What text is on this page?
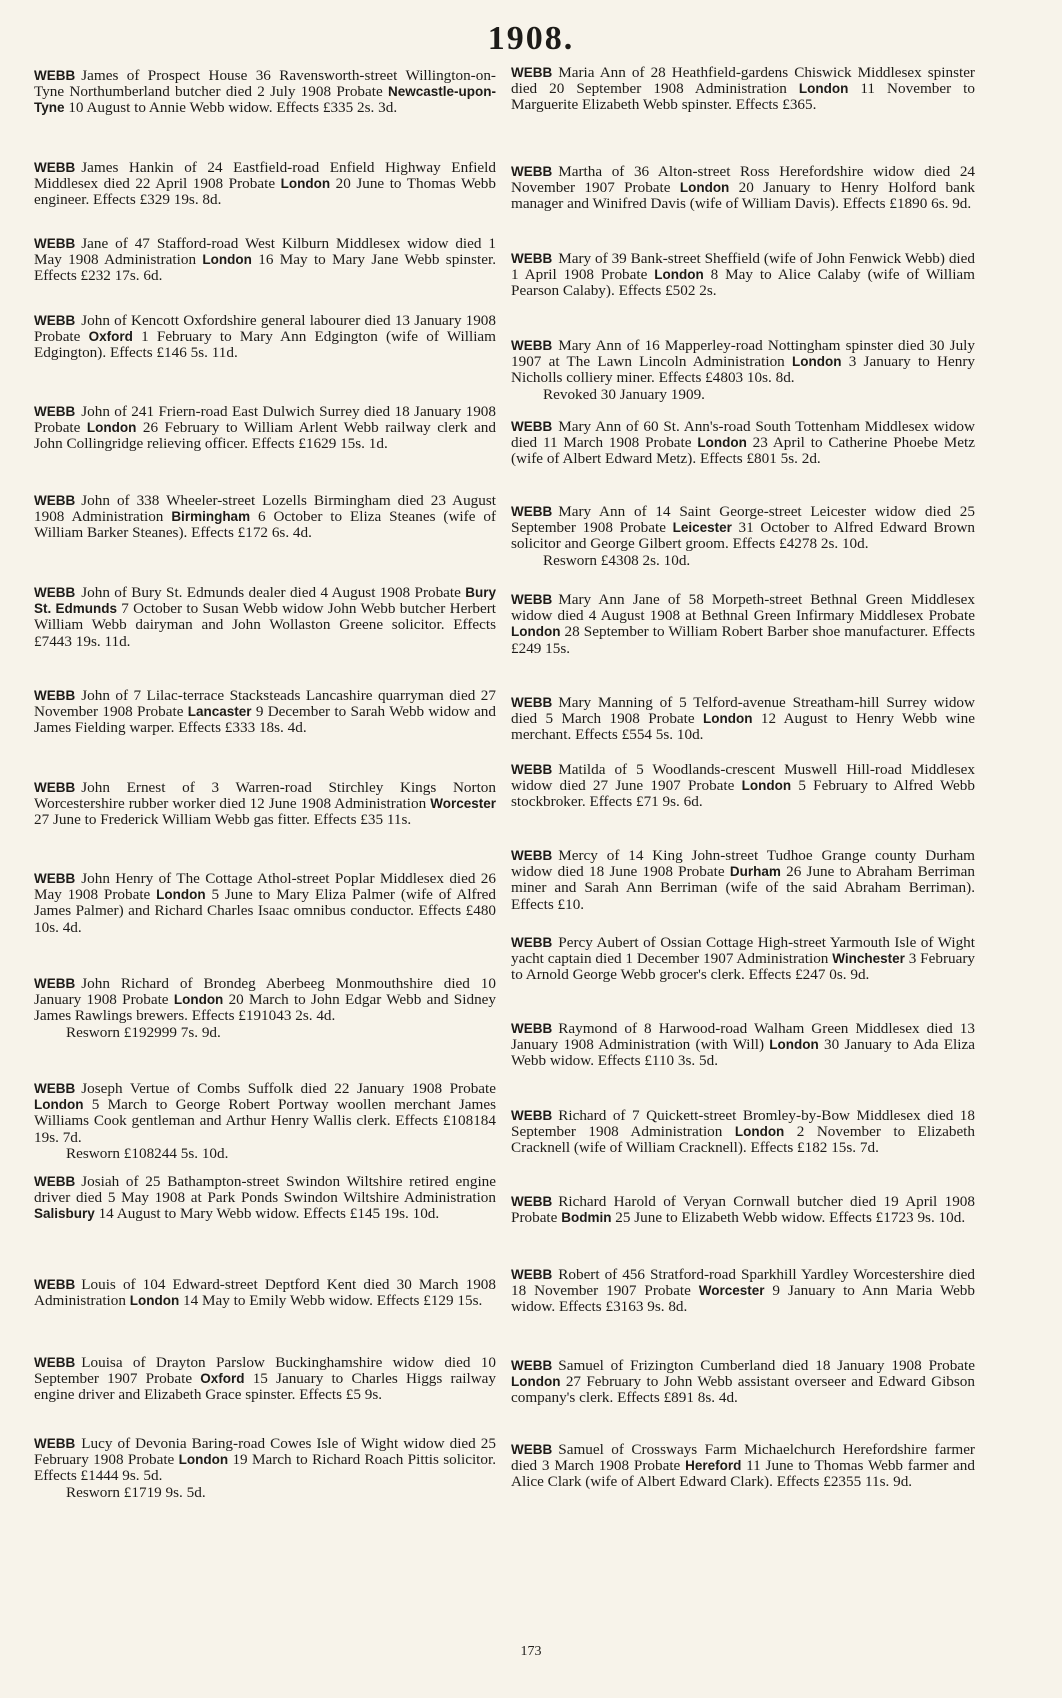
1908.
WEBB James of Prospect House 36 Ravensworth-street Willington-on-Tyne Northumberland butcher died 2 July 1908 Probate Newcastle-upon-Tyne 10 August to Annie Webb widow. Effects £335 2s. 3d.
WEBB James Hankin of 24 Eastfield-road Enfield Highway Enfield Middlesex died 22 April 1908 Probate London 20 June to Thomas Webb engineer. Effects £329 19s. 8d.
WEBB Jane of 47 Stafford-road West Kilburn Middlesex widow died 1 May 1908 Administration London 16 May to Mary Jane Webb spinster. Effects £232 17s. 6d.
WEBB John of Kencott Oxfordshire general labourer died 13 January 1908 Probate Oxford 1 February to Mary Ann Edgington (wife of William Edgington). Effects £146 5s. 11d.
WEBB John of 241 Friern-road East Dulwich Surrey died 18 January 1908 Probate London 26 February to William Arlent Webb railway clerk and John Collingridge relieving officer. Effects £1629 15s. 1d.
WEBB John of 338 Wheeler-street Lozells Birmingham died 23 August 1908 Administration Birmingham 6 October to Eliza Steanes (wife of William Barker Steanes). Effects £172 6s. 4d.
WEBB John of Bury St. Edmunds dealer died 4 August 1908 Probate Bury St. Edmunds 7 October to Susan Webb widow John Webb butcher Herbert William Webb dairyman and John Wollaston Greene solicitor. Effects £7443 19s. 11d.
WEBB John of 7 Lilac-terrace Stacksteads Lancashire quarryman died 27 November 1908 Probate Lancaster 9 December to Sarah Webb widow and James Fielding warper. Effects £333 18s. 4d.
WEBB John Ernest of 3 Warren-road Stirchley Kings Norton Worcestershire rubber worker died 12 June 1908 Administration Worcester 27 June to Frederick William Webb gas fitter. Effects £35 11s.
WEBB John Henry of The Cottage Athol-street Poplar Middlesex died 26 May 1908 Probate London 5 June to Mary Eliza Palmer (wife of Alfred James Palmer) and Richard Charles Isaac omnibus conductor. Effects £480 10s. 4d.
WEBB John Richard of Brondeg Aberbeeg Monmouthshire died 10 January 1908 Probate London 20 March to John Edgar Webb and Sidney James Rawlings brewers. Effects £191043 2s. 4d.
Resworn £192999 7s. 9d.
WEBB Joseph Vertue of Combs Suffolk died 22 January 1908 Probate London 5 March to George Robert Portway woollen merchant James Williams Cook gentleman and Arthur Henry Wallis clerk. Effects £108184 19s. 7d.
Resworn £108244 5s. 10d.
WEBB Josiah of 25 Bathampton-street Swindon Wiltshire retired engine driver died 5 May 1908 at Park Ponds Swindon Wiltshire Administration Salisbury 14 August to Mary Webb widow. Effects £145 19s. 10d.
WEBB Louis of 104 Edward-street Deptford Kent died 30 March 1908 Administration London 14 May to Emily Webb widow. Effects £129 15s.
WEBB Louisa of Drayton Parslow Buckinghamshire widow died 10 September 1907 Probate Oxford 15 January to Charles Higgs railway engine driver and Elizabeth Grace spinster. Effects £5 9s.
WEBB Lucy of Devonia Baring-road Cowes Isle of Wight widow died 25 February 1908 Probate London 19 March to Richard Roach Pittis solicitor. Effects £1444 9s. 5d.
Resworn £1719 9s. 5d.
WEBB Maria Ann of 28 Heathfield-gardens Chiswick Middlesex spinster died 20 September 1908 Administration London 11 November to Marguerite Elizabeth Webb spinster. Effects £365.
WEBB Martha of 36 Alton-street Ross Herefordshire widow died 24 November 1907 Probate London 20 January to Henry Holford bank manager and Winifred Davis (wife of William Davis). Effects £1890 6s. 9d.
WEBB Mary of 39 Bank-street Sheffield (wife of John Fenwick Webb) died 1 April 1908 Probate London 8 May to Alice Calaby (wife of William Pearson Calaby). Effects £502 2s.
WEBB Mary Ann of 16 Mapperley-road Nottingham spinster died 30 July 1907 at The Lawn Lincoln Administration London 3 January to Henry Nicholls colliery miner. Effects £4803 10s. 8d.
Revoked 30 January 1909.
WEBB Mary Ann of 60 St. Ann's-road South Tottenham Middlesex widow died 11 March 1908 Probate London 23 April to Catherine Phoebe Metz (wife of Albert Edward Metz). Effects £801 5s. 2d.
WEBB Mary Ann of 14 Saint George-street Leicester widow died 25 September 1908 Probate Leicester 31 October to Alfred Edward Brown solicitor and George Gilbert groom. Effects £4278 2s. 10d.
Resworn £4308 2s. 10d.
WEBB Mary Ann Jane of 58 Morpeth-street Bethnal Green Middlesex widow died 4 August 1908 at Bethnal Green Infirmary Middlesex Probate London 28 September to William Robert Barber shoe manufacturer. Effects £249 15s.
WEBB Mary Manning of 5 Telford-avenue Streatham-hill Surrey widow died 5 March 1908 Probate London 12 August to Henry Webb wine merchant. Effects £554 5s. 10d.
WEBB Matilda of 5 Woodlands-crescent Muswell Hill-road Middlesex widow died 27 June 1907 Probate London 5 February to Alfred Webb stockbroker. Effects £71 9s. 6d.
WEBB Mercy of 14 King John-street Tudhoe Grange county Durham widow died 18 June 1908 Probate Durham 26 June to Abraham Berriman miner and Sarah Ann Berriman (wife of the said Abraham Berriman). Effects £10.
WEBB Percy Aubert of Ossian Cottage High-street Yarmouth Isle of Wight yacht captain died 1 December 1907 Administration Winchester 3 February to Arnold George Webb grocer's clerk. Effects £247 0s. 9d.
WEBB Raymond of 8 Harwood-road Walham Green Middlesex died 13 January 1908 Administration (with Will) London 30 January to Ada Eliza Webb widow. Effects £110 3s. 5d.
WEBB Richard of 7 Quickett-street Bromley-by-Bow Middlesex died 18 September 1908 Administration London 2 November to Elizabeth Cracknell (wife of William Cracknell). Effects £182 15s. 7d.
WEBB Richard Harold of Veryan Cornwall butcher died 19 April 1908 Probate Bodmin 25 June to Elizabeth Webb widow. Effects £1723 9s. 10d.
WEBB Robert of 456 Stratford-road Sparkhill Yardley Worcestershire died 18 November 1907 Probate Worcester 9 January to Ann Maria Webb widow. Effects £3163 9s. 8d.
WEBB Samuel of Frizington Cumberland died 18 January 1908 Probate London 27 February to John Webb assistant overseer and Edward Gibson company's clerk. Effects £891 8s. 4d.
WEBB Samuel of Crossways Farm Michaelchurch Herefordshire farmer died 3 March 1908 Probate Hereford 11 June to Thomas Webb farmer and Alice Clark (wife of Albert Edward Clark). Effects £2355 11s. 9d.
173
